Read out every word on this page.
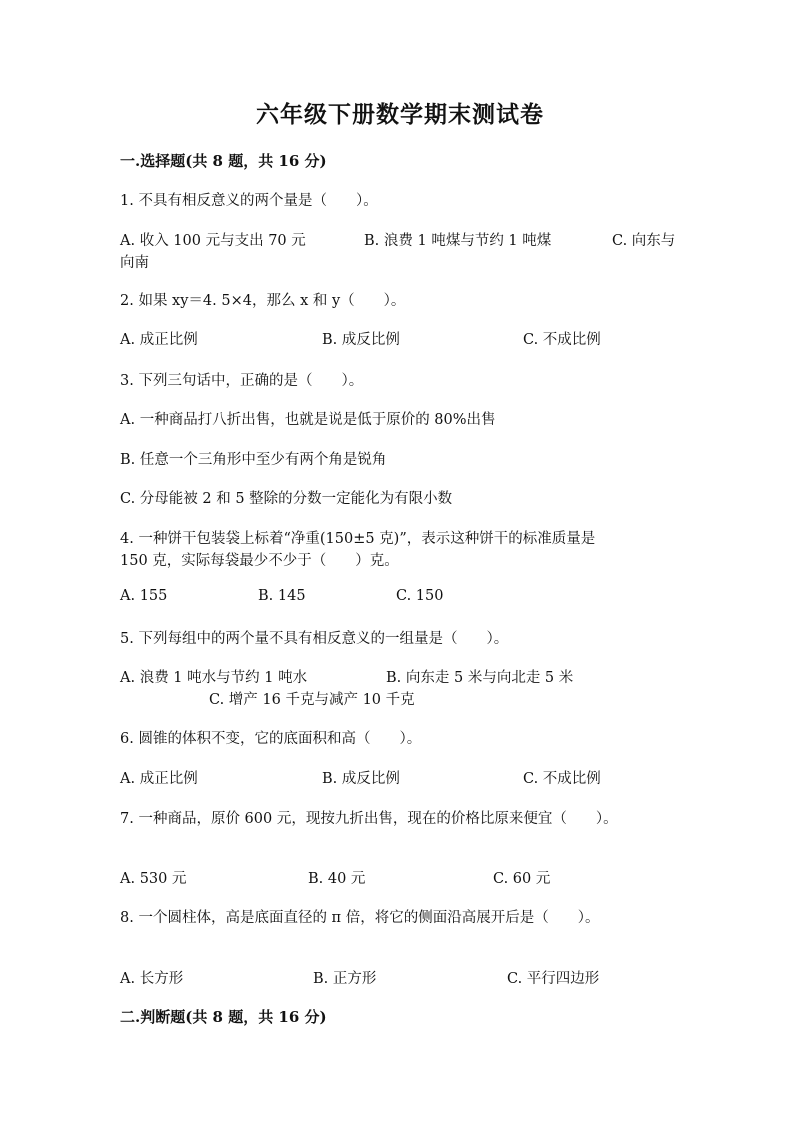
六年级下册数学期末测试卷
一.选择题(共 8 题，共 16 分)
1. 不具有相反意义的两个量是（　　）。
A. 收入 100 元与支出 70 元	B. 浪费 1 吨煤与节约 1 吨煤	C. 向东与
向南
2. 如果 xy＝4. 5×4，那么 x 和 y（　　）。
A. 成正比例	B. 成反比例	C. 不成比例
3. 下列三句话中，正确的是（　　）。
A. 一种商品打八折出售，也就是说是低于原价的 80%出售
B. 任意一个三角形中至少有两个角是锐角
C. 分母能被 2 和 5 整除的分数一定能化为有限小数
4. 一种饼干包装袋上标着“净重(150±5 克)”，表示这种饼干的标准质量是
150 克，实际每袋最少不少于（　　）克。
A. 155	B. 145	C. 150
5. 下列每组中的两个量不具有相反意义的一组量是（　　）。
A. 浪费 1 吨水与节约 1 吨水	B. 向东走 5 米与向北走 5 米
C. 增产 16 千克与减产 10 千克
6. 圆锥的体积不变，它的底面积和高（　　）。
A. 成正比例	B. 成反比例	C. 不成比例
7. 一种商品，原价 600 元，现按九折出售，现在的价格比原来便宜（　　）。
A. 530 元	B. 40 元	C. 60 元
8. 一个圆柱体，高是底面直径的 π 倍，将它的侧面沿高展开后是（　　）。
A. 长方形	B. 正方形	C. 平行四边形
二.判断题(共 8 题，共 16 分)
